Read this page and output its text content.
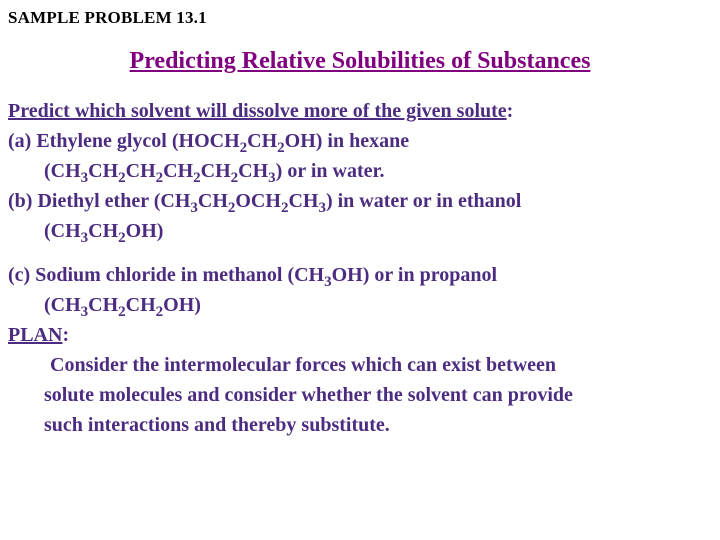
SAMPLE PROBLEM 13.1
Predicting Relative Solubilities of Substances
Predict which solvent will dissolve more of the given solute:
(a) Ethylene glycol $(HOCH_2CH_2OH)$ in hexane
$(CH_3CH_2CH_2CH_2CH_2CH_3)$ or in water.
(b) Diethyl ether $(CH_3CH_2OCH_2CH_3)$ in water or in ethanol
$(CH_3CH_2OH)$
(c) Sodium chloride in methanol $(CH_3OH)$ or in propanol
$(CH_3CH_2CH_2OH)$
PLAN:
Consider the intermolecular forces which can exist between
solute molecules and consider whether the solvent can provide
such interactions and thereby substitute.
